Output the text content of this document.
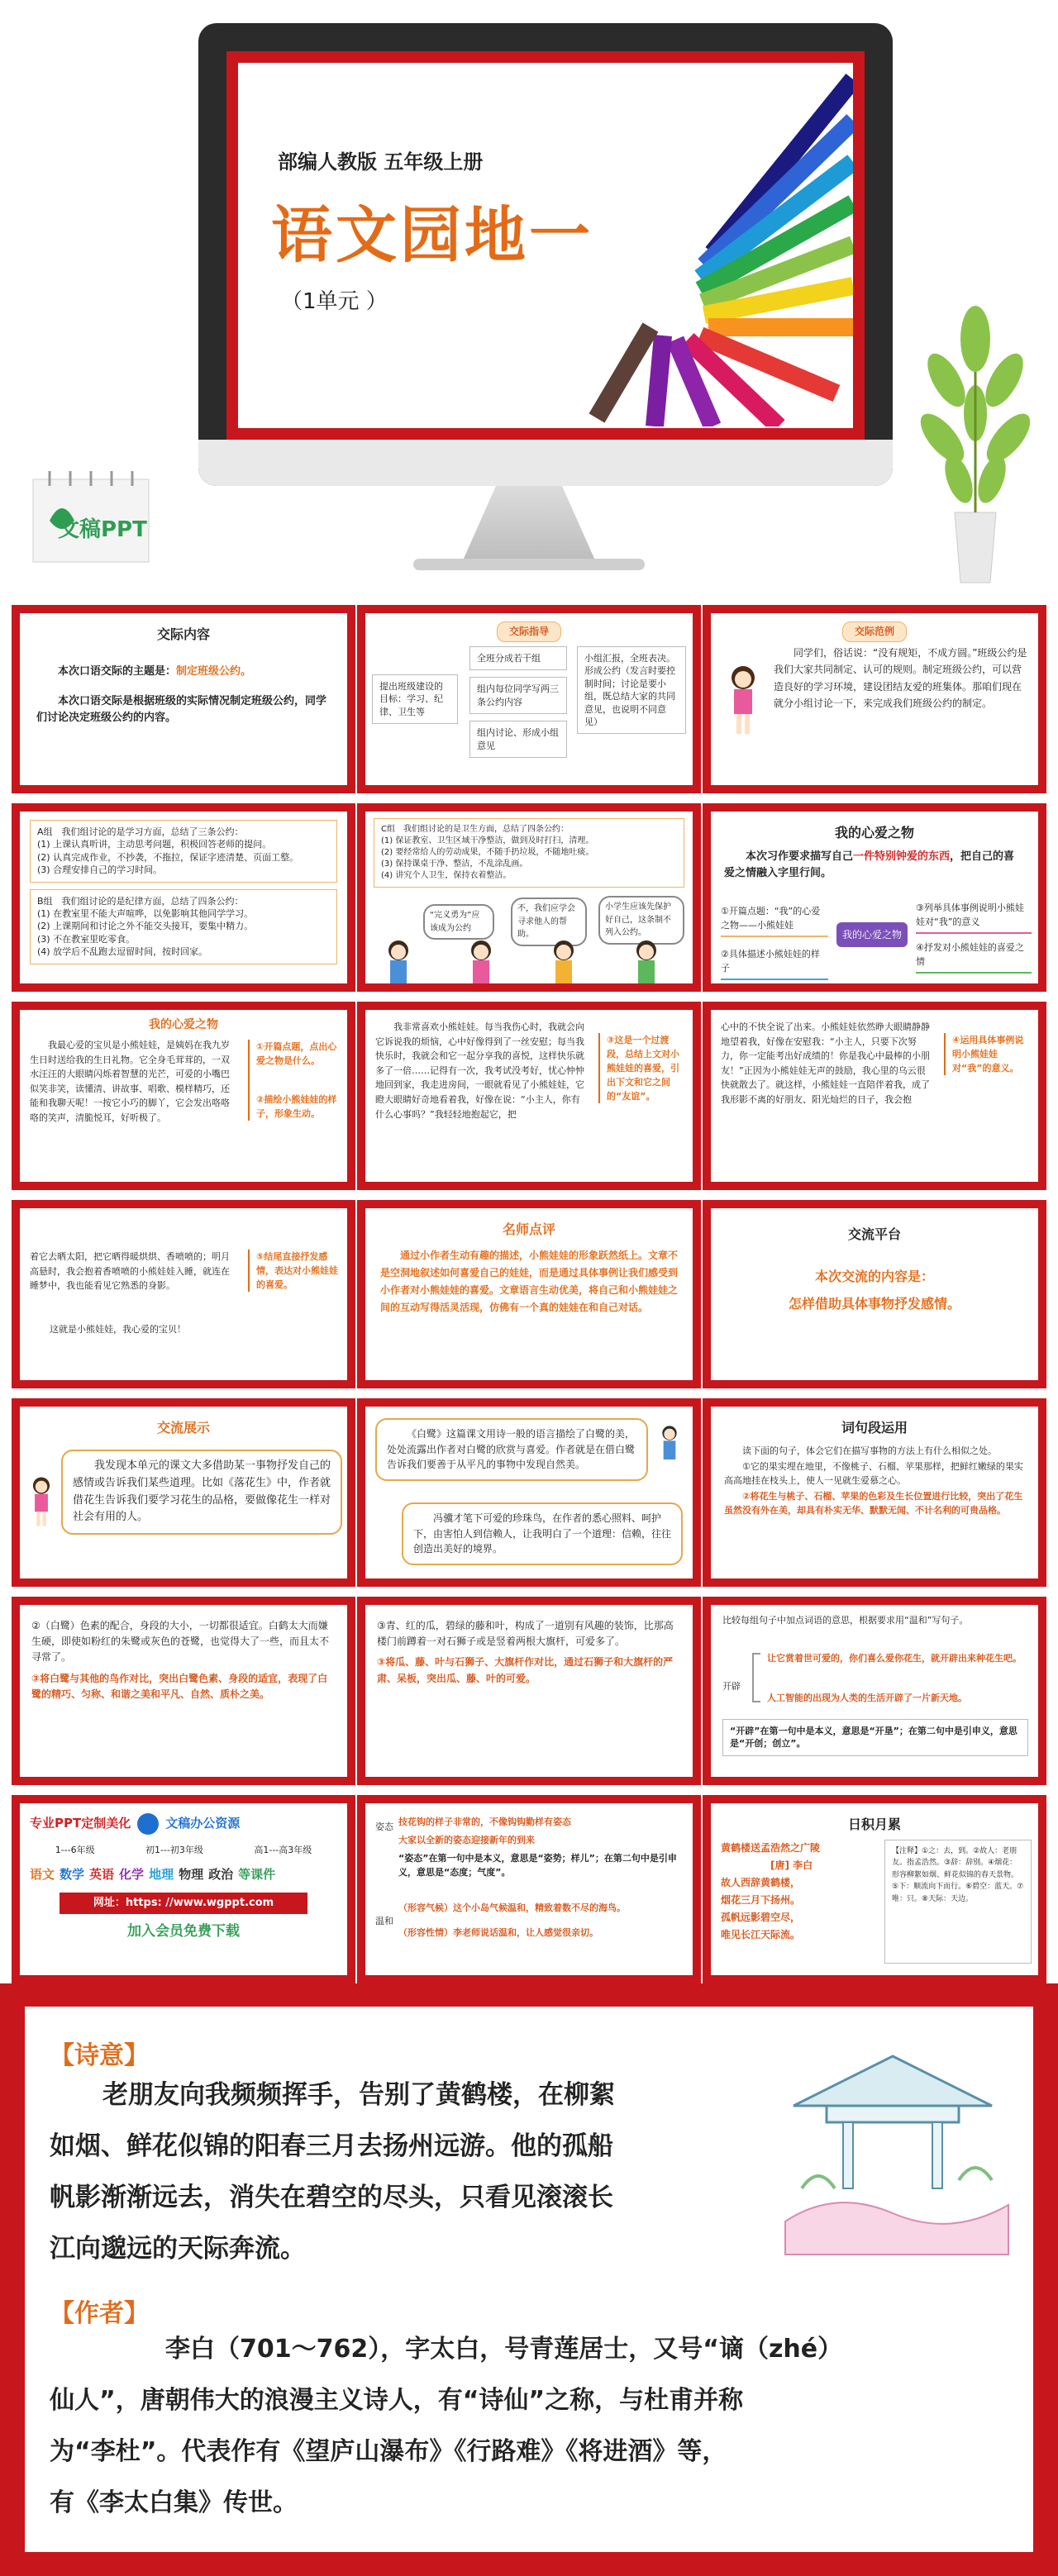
文稿PPT
部编人教版 五年级上册
语文园地一
（1单元 ）
交际内容
本次口语交际的主题是：制定班级公约。
本次口语交际是根据班级的实际情况制定班级公约，同学们讨论决定班级公约的内容。
交际指导
提出班级建设的目标：学习、纪律、卫生等
全班分成若干组
组内每位同学写两三条公约内容
组内讨论、形成小组意见
小组汇报，全班表决。形成公约（发言时要控制时间；讨论是要小组，既总结大家的共同意见，也说明不同意见）
交际范例
同学们，俗话说：“没有规矩，不成方圆。”班级公约是我们大家共同制定、认可的规则。制定班级公约，可以营造良好的学习环境，建设团结友爱的班集体。那咱们现在就分小组讨论一下，来完成我们班级公约的制定。
A组　我们组讨论的是学习方面，总结了三条公约：
(1) 上课认真听讲，主动思考问题，积极回答老师的提问。
(2) 认真完成作业，不抄袭，不拖拉，保证字迹清楚、页面工整。
(3) 合理安排自己的学习时间。
B组　我们组讨论的是纪律方面，总结了四条公约：
(1) 在教室里不能大声喧哗，以免影响其他同学学习。
(2) 上课期间和讨论之外不能交头接耳，要集中精力。
(3) 不在教室里吃零食。
(4) 放学后不乱跑去逗留时间，按时回家。
C组　我们组讨论的是卫生方面，总结了四条公约：
(1) 保证教室、卫生区域干净整洁，做到及时打扫，清理。
(2) 要经常给人的劳动成果，不随手扔垃圾，不随地吐痰。
(3) 保持课桌干净、整洁，不乱涂乱画。
(4) 讲究个人卫生，保持衣着整洁。
“完义勇为”应该成为公约
不，我们应学会寻求他人的帮助。
小学生应该先保护好自己，这条制不列入公约。
我的心爱之物
本次习作要求描写自己一件特别钟爱的东西，把自己的喜爱之情融入字里行间。
①开篇点题：“我”的心爱之物——小熊娃娃
②具体描述小熊娃娃的样子
我的心爱之物
③列举具体事例说明小熊娃娃对“我”的意义
④抒发对小熊娃娃的喜爱之情
我的心爱之物
我最心爱的宝贝是小熊娃娃，是姨妈在我九岁生日时送给我的生日礼物。它全身毛茸茸的，一双水汪汪的大眼睛闪烁着智慧的光芒，可爱的小嘴巴似笑非笑，读懂清、讲故事、唱歌、模样精巧，还能和我聊天呢！一按它小巧的脚丫，它会发出咯咯咯的笑声，清脆悦耳，好听极了。
①开篇点题，点出心爱之物是什么。
②描绘小熊娃娃的样子，形象生动。
我非常喜欢小熊娃娃。每当我伤心时，我就会向它诉说我的烦恼，心中好像得到了一丝安慰；每当我快乐时，我就会和它一起分享我的喜悦，这样快乐就多了一倍……记得有一次，我考试没考好，忧心忡忡地回到家，我走进房间，一眼就看见了小熊娃娃，它瞪大眼睛好奇地看着我，好像在说：“小主人，你有什么心事吗？”我轻轻地抱起它，把
③这是一个过渡段，总结上文对小熊娃娃的喜爱，引出下文和它之间的“友谊”。
心中的不快全说了出来。小熊娃娃依然睁大眼睛静静地望着我，好像在安慰我：“小主人，只要下次努力，你一定能考出好成绩的！你是我心中最棒的小朋友！”正因为小熊娃娃无声的鼓励，我心里的乌云很快就散去了。就这样，小熊娃娃一直陪伴着我，成了我形影不离的好朋友、阳光灿烂的日子，我会抱
④运用具体事例说明小熊娃娃对“我”的意义。
着它去晒太阳，把它晒得暖烘烘、香喷喷的；明月高悬时，我会抱着香喷喷的小熊娃娃入睡，就连在睡梦中，我也能看见它熟悉的身影。
这就是小熊娃娃，我心爱的宝贝！
⑤结尾直接抒发感情，表达对小熊娃娃的喜爱。
名师点评
通过小作者生动有趣的描述，小熊娃娃的形象跃然纸上。文章不是空洞地叙述如何喜爱自己的娃娃，而是通过具体事例让我们感受到小作者对小熊娃娃的喜爱。文章语言生动优美，将自己和小熊娃娃之间的互动写得活灵活现，仿佛有一个真的娃娃在和自己对话。
交流平台
本次交流的内容是：
怎样借助具体事物抒发感情。
交流展示
我发现本单元的课文大多借助某一事物抒发自己的感情或告诉我们某些道理。比如《落花生》中，作者就借花生告诉我们要学习花生的品格，要做像花生一样对社会有用的人。
《白鹭》这篇课文用诗一般的语言描绘了白鹭的美，处处流露出作者对白鹭的欣赏与喜爱。作者就是在借白鹭告诉我们要善于从平凡的事物中发现自然美。
冯骥才笔下可爱的珍珠鸟，在作者的悉心照料、呵护下，由害怕人到信赖人，让我明白了一个道理：信赖，往往创造出美好的境界。
词句段运用
读下面的句子，体会它们在描写事物的方法上有什么相似之处。
①它的果实埋在地里，不像桃子、石榴、苹果那样，把鲜红嫩绿的果实高高地挂在枝头上，使人一见就生爱慕之心。
②将花生与桃子、石榴、苹果的色彩及生长位置进行比较，突出了花生虽然没有外在美，却具有朴实无华、默默无闻、不计名利的可贵品格。
②（白鹭）色素的配合，身段的大小，一切都很适宜。白鹤太大而嫌生硬，即使如粉红的朱鹭或灰色的苍鹭，也觉得大了一些，而且太不寻常了。
③将白鹭与其他的鸟作对比，突出白鹭色素、身段的适宜，表现了白鹭的精巧、匀称、和谐之美和平凡、自然、质朴之美。
③青、红的瓜，碧绿的藤和叶，构成了一道别有风趣的装饰，比那高楼门前蹲着一对石狮子或是竖着两根大旗杆，可爱多了。
③将瓜、藤、叶与石狮子、大旗杆作对比，通过石狮子和大旗杆的严肃、呆板，突出瓜、藤、叶的可爱。
比较每组句子中加点词语的意思，根据要求用“温和”写句子。
开辟
让它赏着世可爱的，你们喜么爱你花生，就开辟出来种花生吧。
人工智能的出现为人类的生活开辟了一片新天地。
“开辟”在第一句中是本义，意思是“开垦”；在第二句中是引申义，意思是“开创；创立”。
专业PPT定制美化	文稿办公资源
1---6年级	初1---初3年级	高1---高3年级
语文 数学 英语 化学 地理 物理 政治 等课件
网址：https: //www.wgppt.com
加入会员免费下载
姿态 技花钩的样子非常的，不像钩钩勤样有姿态
大家以全新的姿态迎接新年的到来
“姿态”在第一句中是本义，意思是“姿势；样儿”；在第二句中是引申义，意思是“态度；气度”。
温和
（形容气候）这个小岛气候温和，精致着数不尽的海鸟。
（形容性情）李老师说话温和，让人感觉很亲切。
日积月累
黄鹤楼送孟浩然之广陵
[唐] 李白
故人西辞黄鹤楼，
烟花三月下扬州。
孤帆远影碧空尽，
唯见长江天际流。
【注释】①之：去，到。②故人：老朋友。指孟浩然。③辞：辞别。④烟花：形容柳絮如烟、鲜花似锦的春天景物。⑤下：顺流向下而行。⑥碧空：蓝天。⑦唯：只。⑧天际：天边。
【诗意】
老朋友向我频频挥手，告别了黄鹤楼，在柳絮
如烟、鲜花似锦的阳春三月去扬州远游。他的孤船
帆影渐渐远去，消失在碧空的尽头，只看见滚滚长
江向邈远的天际奔流。
【作者】
李白（701～762），字太白，号青莲居士，又号“谪（zhé）
仙人”，唐朝伟大的浪漫主义诗人，有“诗仙”之称，与杜甫并称
为“李杜”。代表作有《望庐山瀑布》《行路难》《将进酒》等，
有《李太白集》传世。
